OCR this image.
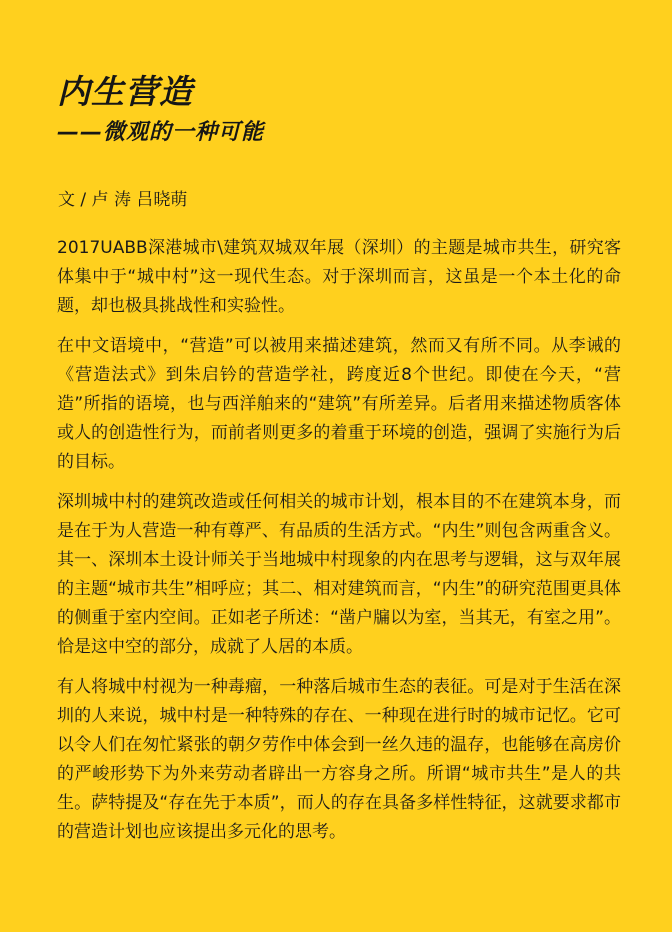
内生营造
——微观的一种可能

文 / 卢 涛 吕晓萌

2017UABB深港城市\建筑双城双年展（深圳）的主题是城市共生，研究客体集中于“城中村”这一现代生态。对于深圳而言，这虽是一个本土化的命题，却也极具挑战性和实验性。

在中文语境中，“营造”可以被用来描述建筑，然而又有所不同。从李诫的《营造法式》到朱启钤的营造学社，跨度近8个世纪。即使在今天，“营造”所指的语境，也与西洋舶来的“建筑”有所差异。后者用来描述物质客体或人的创造性行为，而前者则更多的着重于环境的创造，强调了实施行为后的目标。

深圳城中村的建筑改造或任何相关的城市计划，根本目的不在建筑本身，而是在于为人营造一种有尊严、有品质的生活方式。“内生”则包含两重含义。其一、深圳本土设计师关于当地城中村现象的内在思考与逻辑，这与双年展的主题“城市共生”相呼应；其二、相对建筑而言，“内生”的研究范围更具体的侧重于室内空间。正如老子所述：“凿户牖以为室，当其无，有室之用”。恰是这中空的部分，成就了人居的本质。

有人将城中村视为一种毒瘤，一种落后城市生态的表征。可是对于生活在深圳的人来说，城中村是一种特殊的存在、一种现在进行时的城市记忆。它可以令人们在匆忙紧张的朝夕劳作中体会到一丝久违的温存，也能够在高房价的严峻形势下为外来劳动者辟出一方容身之所。所谓“城市共生”是人的共生。萨特提及“存在先于本质”，而人的存在具备多样性特征，这就要求都市的营造计划也应该提出多元化的思考。
